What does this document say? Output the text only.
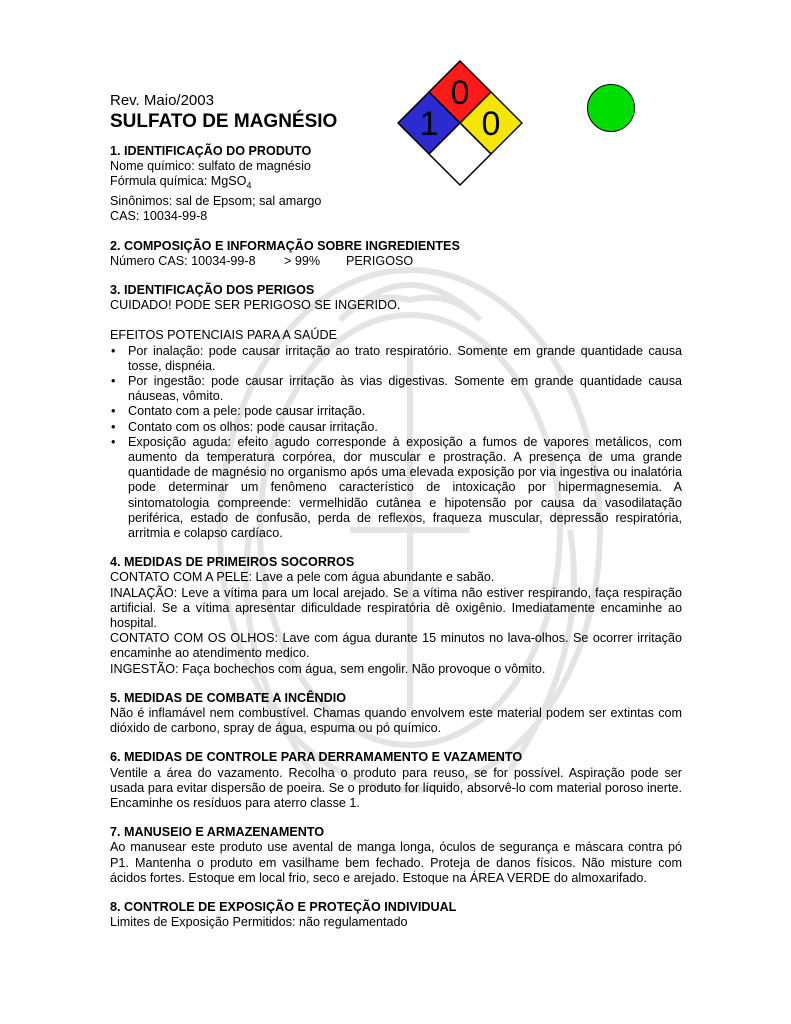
Rev. Maio/2003
SULFATO DE MAGNÉSIO
0
1 0
1. IDENTIFICAÇÃO DO PRODUTO
Nome químico: sulfato de magnésio
Fórmula química: MgSO$_4$
Sinônimos: sal de Epsom; sal amargo
CAS: 10034-99-8
2. COMPOSIÇÃO E INFORMAÇÃO SOBRE INGREDIENTES
Número CAS: 10034-99-8 > 99% PERIGOSO
3. IDENTIFICAÇÃO DOS PERIGOS
CUIDADO! PODE SER PERIGOSO SE INGERIDO.
EFEITOS POTENCIAIS PARA A SAÚDE
• Por inalação: pode causar irritação ao trato respiratório. Somente em grande quantidade causa tosse, dispnéia.
• Por ingestão: pode causar irritação às vias digestivas. Somente em grande quantidade causa náuseas, vômito.
• Contato com a pele: pode causar irritação.
• Contato com os olhos: pode causar irritação.
• Exposição aguda: efeito agudo corresponde à exposição a fumos de vapores metálicos, com aumento da temperatura corpórea, dor muscular e prostração. A presença de uma grande quantidade de magnésio no organismo após uma elevada exposição por via ingestiva ou inalatória pode determinar um fenômeno característico de intoxicação por hipermagnesemia. A sintomatologia compreende: vermelhidão cutânea e hipotensão por causa da vasodilatação periférica, estado de confusão, perda de reflexos, fraqueza muscular, depressão respiratória, arritmia e colapso cardíaco.
4. MEDIDAS DE PRIMEIROS SOCORROS
CONTATO COM A PELE: Lave a pele com água abundante e sabão.
INALAÇÃO: Leve a vítima para um local arejado. Se a vítima não estiver respirando, faça respiração artificial. Se a vítima apresentar dificuldade respiratória dê oxigênio. Imediatamente encaminhe ao hospital.
CONTATO COM OS OLHOS: Lave com água durante 15 minutos no lava-olhos. Se ocorrer irritação encaminhe ao atendimento medico.
INGESTÃO: Faça bochechos com água, sem engolir. Não provoque o vômito.
5. MEDIDAS DE COMBATE A INCÊNDIO
Não é inflamável nem combustível. Chamas quando envolvem este material podem ser extintas com dióxido de carbono, spray de água, espuma ou pó químico.
6. MEDIDAS DE CONTROLE PARA DERRAMAMENTO E VAZAMENTO
Ventile a área do vazamento. Recolha o produto para reuso, se for possível. Aspiração pode ser usada para evitar dispersão de poeira. Se o produto for líquido, absorvê-lo com material poroso inerte. Encaminhe os resíduos para aterro classe 1.
7. MANUSEIO E ARMAZENAMENTO
Ao manusear este produto use avental de manga longa, óculos de segurança e máscara contra pó P1. Mantenha o produto em vasilhame bem fechado. Proteja de danos físicos. Não misture com ácidos fortes. Estoque em local frio, seco e arejado. Estoque na ÁREA VERDE do almoxarifado.
8. CONTROLE DE EXPOSIÇÃO E PROTEÇÃO INDIVIDUAL
Limites de Exposição Permitidos: não regulamentado
